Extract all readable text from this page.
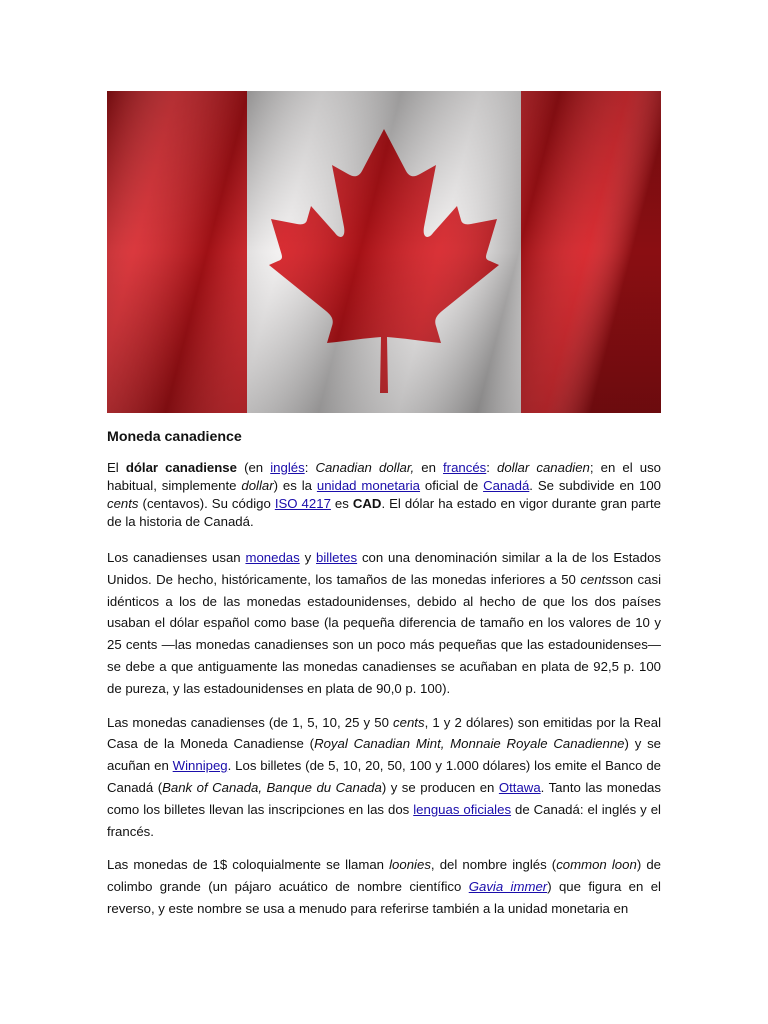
Moneda canadience

El dólar canadiense (en inglés: Canadian dollar, en francés: dollar canadien; en el uso habitual, simplemente dollar) es la unidad monetaria oficial de Canadá. Se subdivide en 100 cents (centavos). Su código ISO 4217 es CAD. El dólar ha estado en vigor durante gran parte de la historia de Canadá.

Los canadienses usan monedas y billetes con una denominación similar a la de los Estados Unidos. De hecho, históricamente, los tamaños de las monedas inferiores a 50 centsson casi idénticos a los de las monedas estadounidenses, debido al hecho de que los dos países usaban el dólar español como base (la pequeña diferencia de tamaño en los valores de 10 y 25 cents —las monedas canadienses son un poco más pequeñas que las estadounidenses—se debe a que antiguamente las monedas canadienses se acuñaban en plata de 92,5 p. 100 de pureza, y las estadounidenses en plata de 90,0 p. 100).

Las monedas canadienses (de 1, 5, 10, 25 y 50 cents, 1 y 2 dólares) son emitidas por la Real Casa de la Moneda Canadiense (Royal Canadian Mint, Monnaie Royale Canadienne) y se acuñan en Winnipeg. Los billetes (de 5, 10, 20, 50, 100 y 1.000 dólares) los emite el Banco de Canadá (Bank of Canada, Banque du Canada) y se producen en Ottawa. Tanto las monedas como los billetes llevan las inscripciones en las dos lenguas oficiales de Canadá: el inglés y el francés.

Las monedas de 1$ coloquialmente se llaman loonies, del nombre inglés (common loon) de colimbo grande (un pájaro acuático de nombre científico Gavia immer) que figura en el reverso, y este nombre se usa a menudo para referirse también a la unidad monetaria en
